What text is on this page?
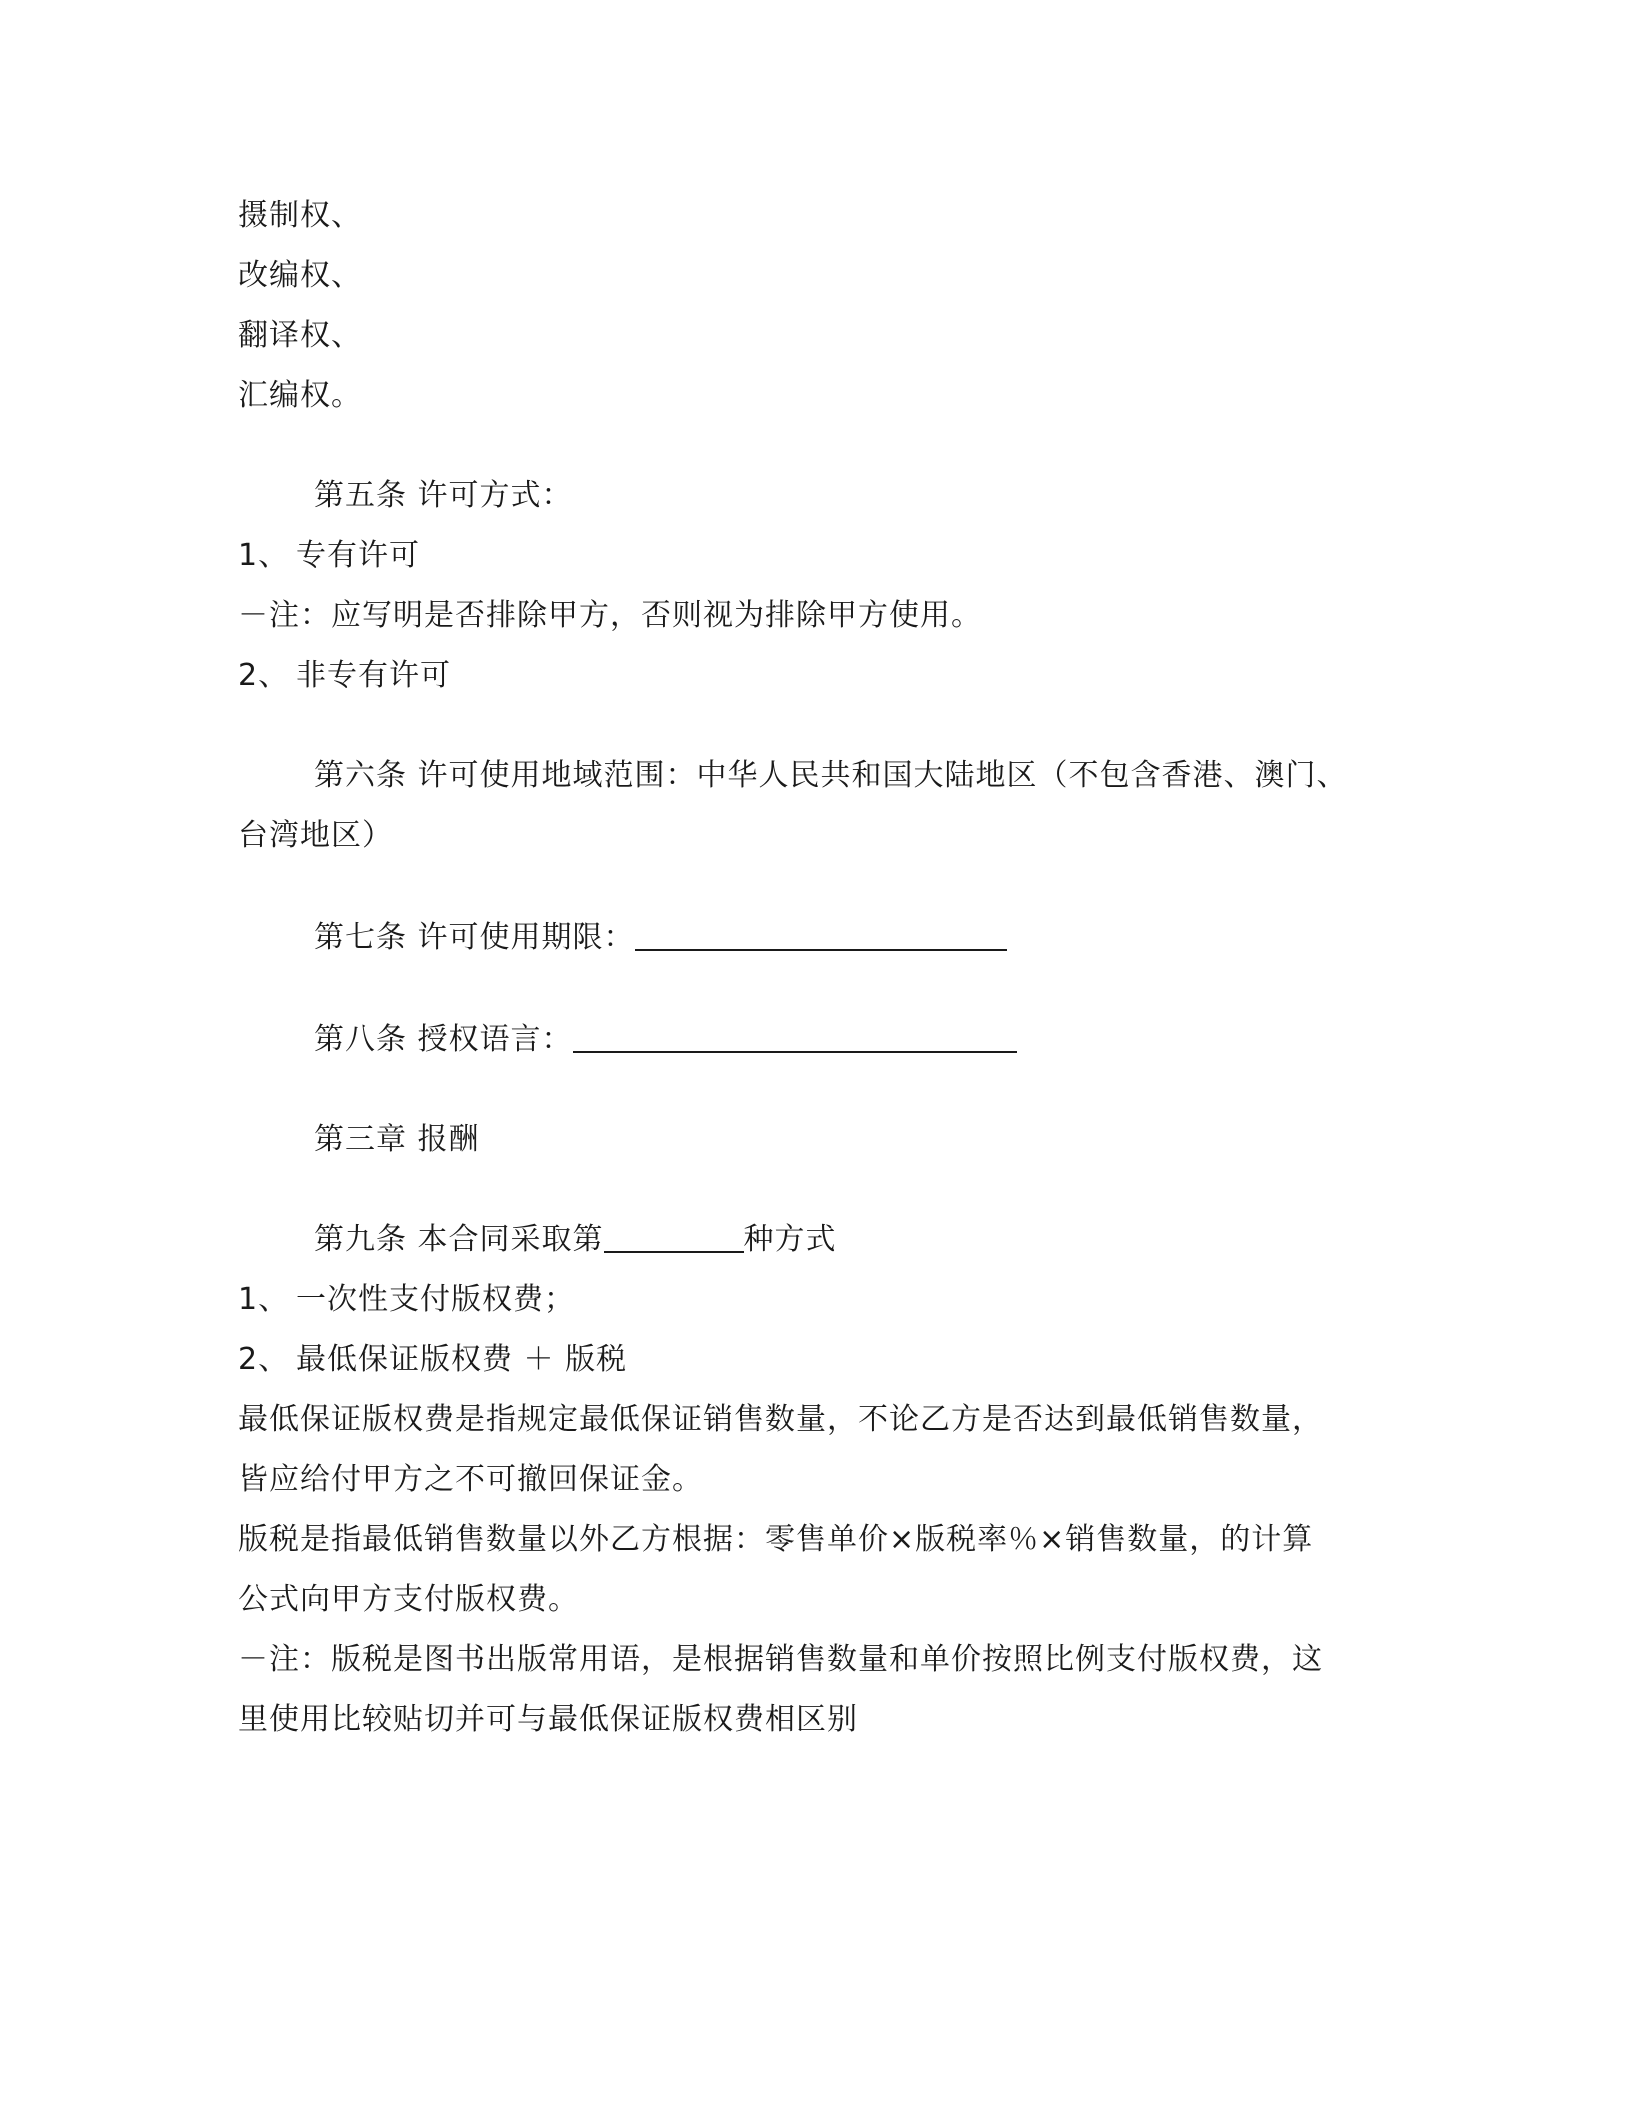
摄制权、
改编权、
翻译权、
汇编权。
第五条 许可方式：
1、 专有许可
－注：应写明是否排除甲方，否则视为排除甲方使用。
2、 非专有许可
第六条 许可使用地域范围：中华人民共和国大陆地区（不包含香港、澳门、
台湾地区）
第七条 许可使用期限：
第八条 授权语言：
第三章 报酬
第九条 本合同采取第	种方式
1、 一次性支付版权费；
2、 最低保证版权费 ＋ 版税
最低保证版权费是指规定最低保证销售数量，不论乙方是否达到最低销售数量，
皆应给付甲方之不可撤回保证金。
版税是指最低销售数量以外乙方根据：零售单价×版税率％×销售数量，的计算
公式向甲方支付版权费。
－注：版税是图书出版常用语，是根据销售数量和单价按照比例支付版权费，这
里使用比较贴切并可与最低保证版权费相区别
